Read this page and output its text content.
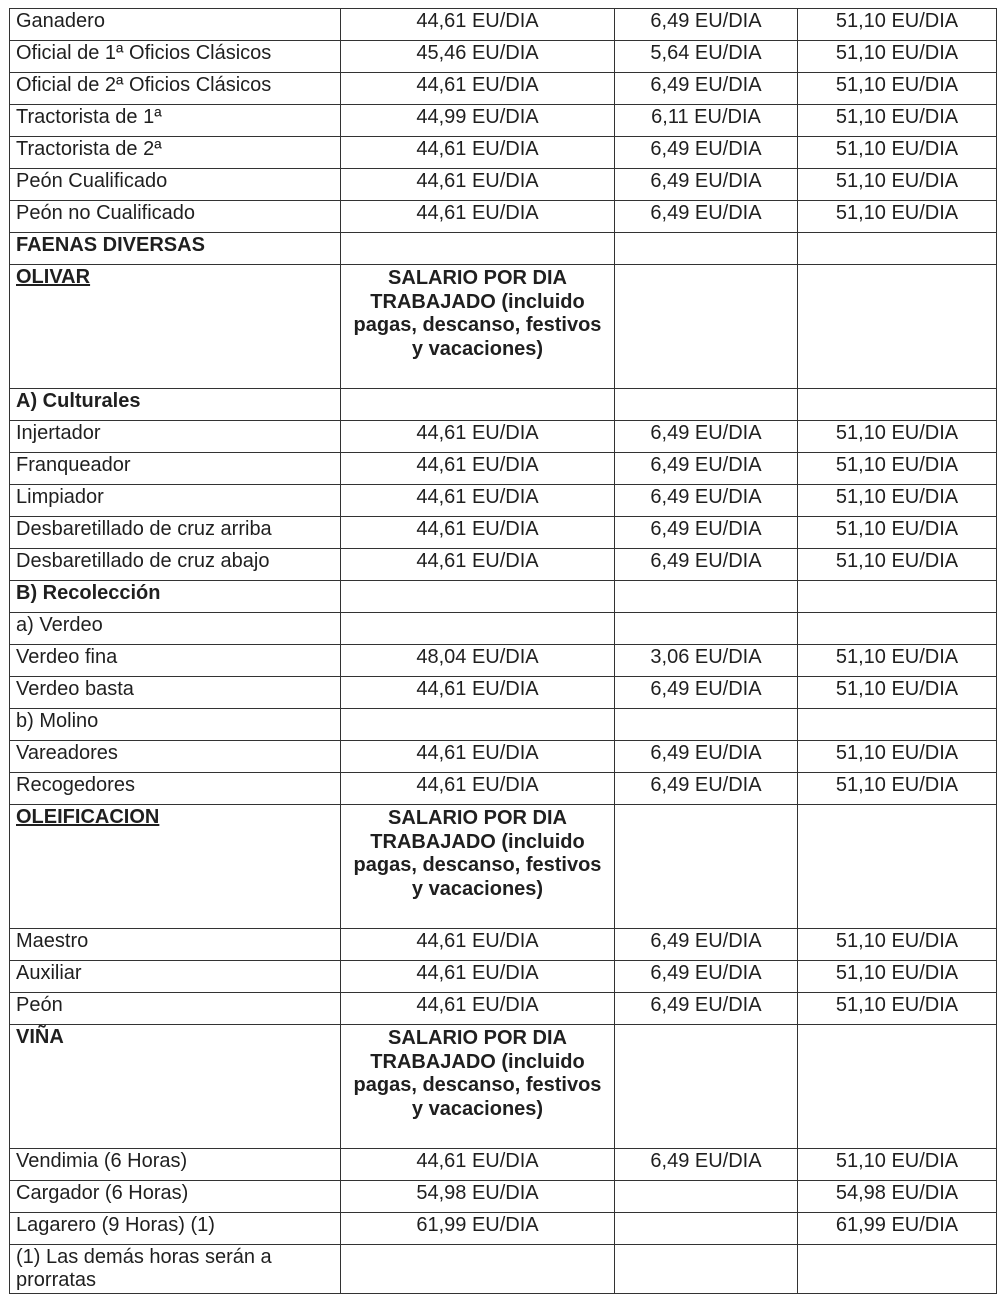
Ganadero	44,61 EU/DIA	6,49 EU/DIA	51,10 EU/DIA
Oficial de 1ª Oficios Clásicos	45,46 EU/DIA	5,64 EU/DIA	51,10 EU/DIA
Oficial de 2ª Oficios Clásicos	44,61 EU/DIA	6,49 EU/DIA	51,10 EU/DIA
Tractorista de 1ª	44,99 EU/DIA	6,11 EU/DIA	51,10 EU/DIA
Tractorista de 2ª	44,61 EU/DIA	6,49 EU/DIA	51,10 EU/DIA
Peón Cualificado	44,61 EU/DIA	6,49 EU/DIA	51,10 EU/DIA
Peón no Cualificado	44,61 EU/DIA	6,49 EU/DIA	51,10 EU/DIA
FAENAS DIVERSAS			
OLIVAR	SALARIO POR DIA TRABAJADO (incluido pagas, descanso, festivos y vacaciones)		
A) Culturales			
Injertador	44,61 EU/DIA	6,49 EU/DIA	51,10 EU/DIA
Franqueador	44,61 EU/DIA	6,49 EU/DIA	51,10 EU/DIA
Limpiador	44,61 EU/DIA	6,49 EU/DIA	51,10 EU/DIA
Desbaretillado de cruz arriba	44,61 EU/DIA	6,49 EU/DIA	51,10 EU/DIA
Desbaretillado de cruz abajo	44,61 EU/DIA	6,49 EU/DIA	51,10 EU/DIA
B) Recolección			
a) Verdeo			
Verdeo fina	48,04 EU/DIA	3,06 EU/DIA	51,10 EU/DIA
Verdeo basta	44,61 EU/DIA	6,49 EU/DIA	51,10 EU/DIA
b) Molino			
Vareadores	44,61 EU/DIA	6,49 EU/DIA	51,10 EU/DIA
Recogedores	44,61 EU/DIA	6,49 EU/DIA	51,10 EU/DIA
OLEIFICACION	SALARIO POR DIA TRABAJADO (incluido pagas, descanso, festivos y vacaciones)		
Maestro	44,61 EU/DIA	6,49 EU/DIA	51,10 EU/DIA
Auxiliar	44,61 EU/DIA	6,49 EU/DIA	51,10 EU/DIA
Peón	44,61 EU/DIA	6,49 EU/DIA	51,10 EU/DIA
VIÑA	SALARIO POR DIA TRABAJADO (incluido pagas, descanso, festivos y vacaciones)		
Vendimia (6 Horas)	44,61 EU/DIA	6,49 EU/DIA	51,10 EU/DIA
Cargador (6 Horas)	54,98 EU/DIA		54,98 EU/DIA
Lagarero (9 Horas) (1)	61,99 EU/DIA		61,99 EU/DIA
(1) Las demás horas serán a prorratas			
